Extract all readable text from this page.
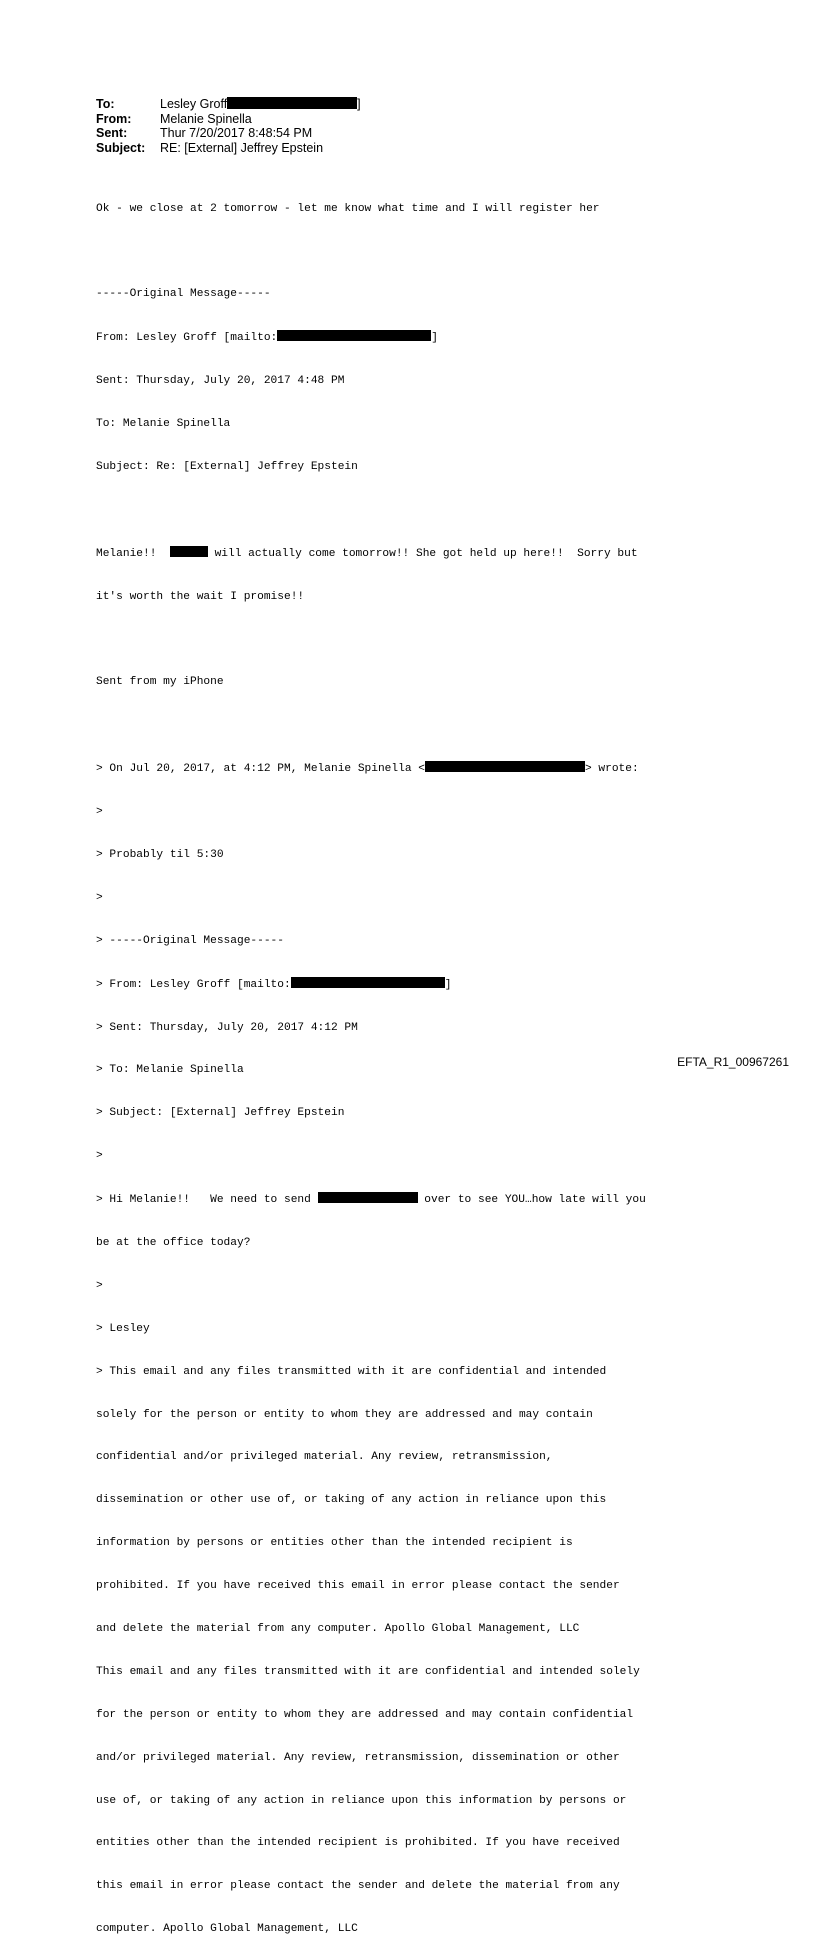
To:	Lesley Groff	]
From:	Melanie Spinella
Sent:	Thur 7/20/2017 8:48:54 PM
Subject:	RE: [External] Jeffrey Epstein

Ok - we close at 2 tomorrow - let me know what time and I will register her

-----Original Message-----

From: Lesley Groff [mailto:	]

Sent: Thursday, July 20, 2017 4:48 PM

To: Melanie Spinella

Subject: Re: [External] Jeffrey Epstein

Melanie!!	will actually come tomorrow!! She got held up here!!  Sorry but

it's worth the wait I promise!!

Sent from my iPhone

> On Jul 20, 2017, at 4:12 PM, Melanie Spinella <	> wrote:

>

> Probably til 5:30

>

> -----Original Message-----

> From: Lesley Groff [mailto:	]

> Sent: Thursday, July 20, 2017 4:12 PM

> To: Melanie Spinella

> Subject: [External] Jeffrey Epstein

>

> Hi Melanie!!   We need to send	over to see YOU…how late will you

be at the office today?

>

> Lesley

> This email and any files transmitted with it are confidential and intended

solely for the person or entity to whom they are addressed and may contain

confidential and/or privileged material. Any review, retransmission,

dissemination or other use of, or taking of any action in reliance upon this

information by persons or entities other than the intended recipient is

prohibited. If you have received this email in error please contact the sender

and delete the material from any computer. Apollo Global Management, LLC

This email and any files transmitted with it are confidential and intended solely

for the person or entity to whom they are addressed and may contain confidential

and/or privileged material. Any review, retransmission, dissemination or other

use of, or taking of any action in reliance upon this information by persons or

entities other than the intended recipient is prohibited. If you have received

this email in error please contact the sender and delete the material from any

computer. Apollo Global Management, LLC

EFTA_R1_00967261
